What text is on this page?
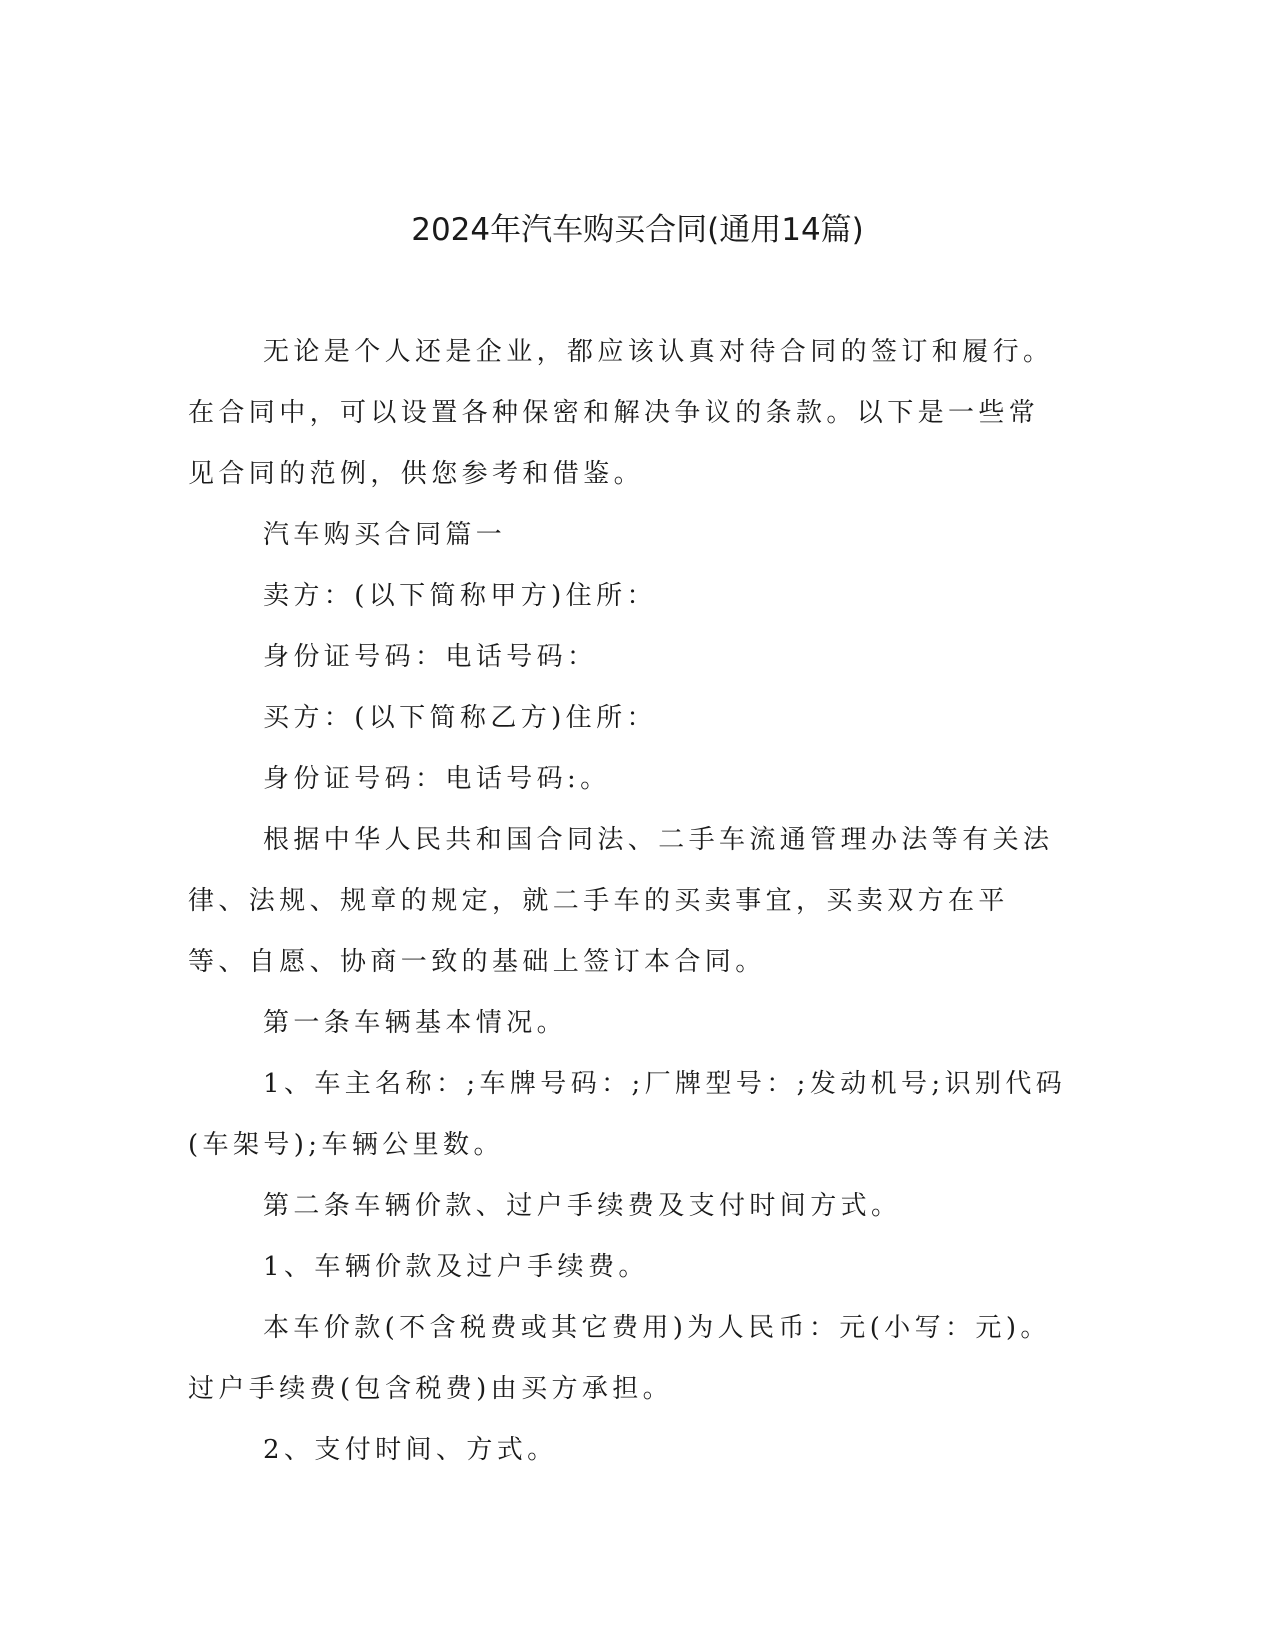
2024年汽车购买合同(通用14篇)

无论是个人还是企业，都应该认真对待合同的签订和履行。在合同中，可以设置各种保密和解决争议的条款。以下是一些常见合同的范例，供您参考和借鉴。

汽车购买合同篇一

卖方：(以下简称甲方)住所：

身份证号码：电话号码：

买方：(以下简称乙方)住所：

身份证号码：电话号码:。

根据中华人民共和国合同法、二手车流通管理办法等有关法律、法规、规章的规定，就二手车的买卖事宜，买卖双方在平等、自愿、协商一致的基础上签订本合同。

第一条车辆基本情况。

1、车主名称：;车牌号码：;厂牌型号：;发动机号;识别代码(车架号);车辆公里数。

第二条车辆价款、过户手续费及支付时间方式。

1、车辆价款及过户手续费。

本车价款(不含税费或其它费用)为人民币：元(小写：元)。过户手续费(包含税费)由买方承担。

2、支付时间、方式。
